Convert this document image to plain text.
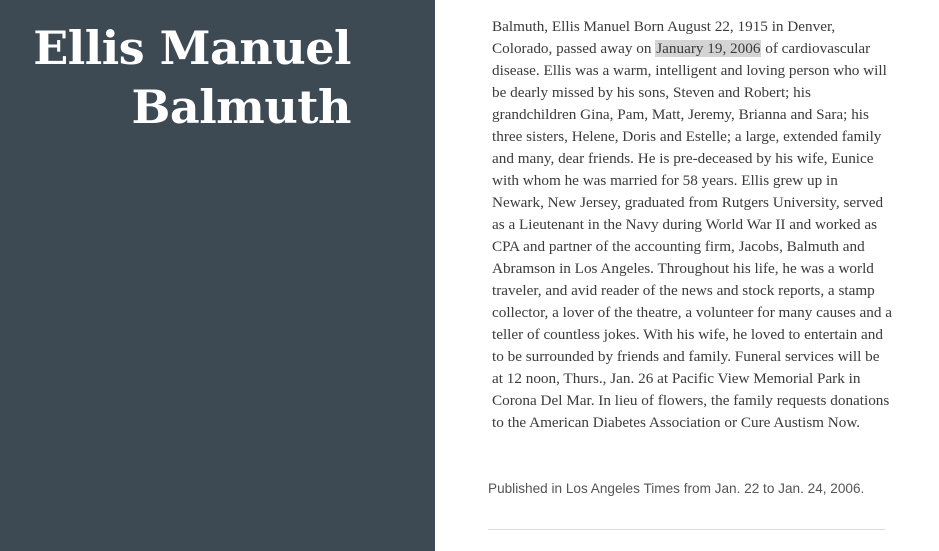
Ellis Manuel
Balmuth

Balmuth, Ellis Manuel Born August 22, 1915 in Denver, Colorado, passed away on January 19, 2006 of cardiovascular disease. Ellis was a warm, intelligent and loving person who will be dearly missed by his sons, Steven and Robert; his grandchildren Gina, Pam, Matt, Jeremy, Brianna and Sara; his three sisters, Helene, Doris and Estelle; a large, extended family and many, dear friends. He is pre-deceased by his wife, Eunice with whom he was married for 58 years. Ellis grew up in Newark, New Jersey, graduated from Rutgers University, served as a Lieutenant in the Navy during World War II and worked as CPA and partner of the accounting firm, Jacobs, Balmuth and Abramson in Los Angeles. Throughout his life, he was a world traveler, and avid reader of the news and stock reports, a stamp collector, a lover of the theatre, a volunteer for many causes and a teller of countless jokes. With his wife, he loved to entertain and to be surrounded by friends and family. Funeral services will be at 12 noon, Thurs., Jan. 26 at Pacific View Memorial Park in Corona Del Mar. In lieu of flowers, the family requests donations to the American Diabetes Association or Cure Austism Now.

Published in Los Angeles Times from Jan. 22 to Jan. 24, 2006.
